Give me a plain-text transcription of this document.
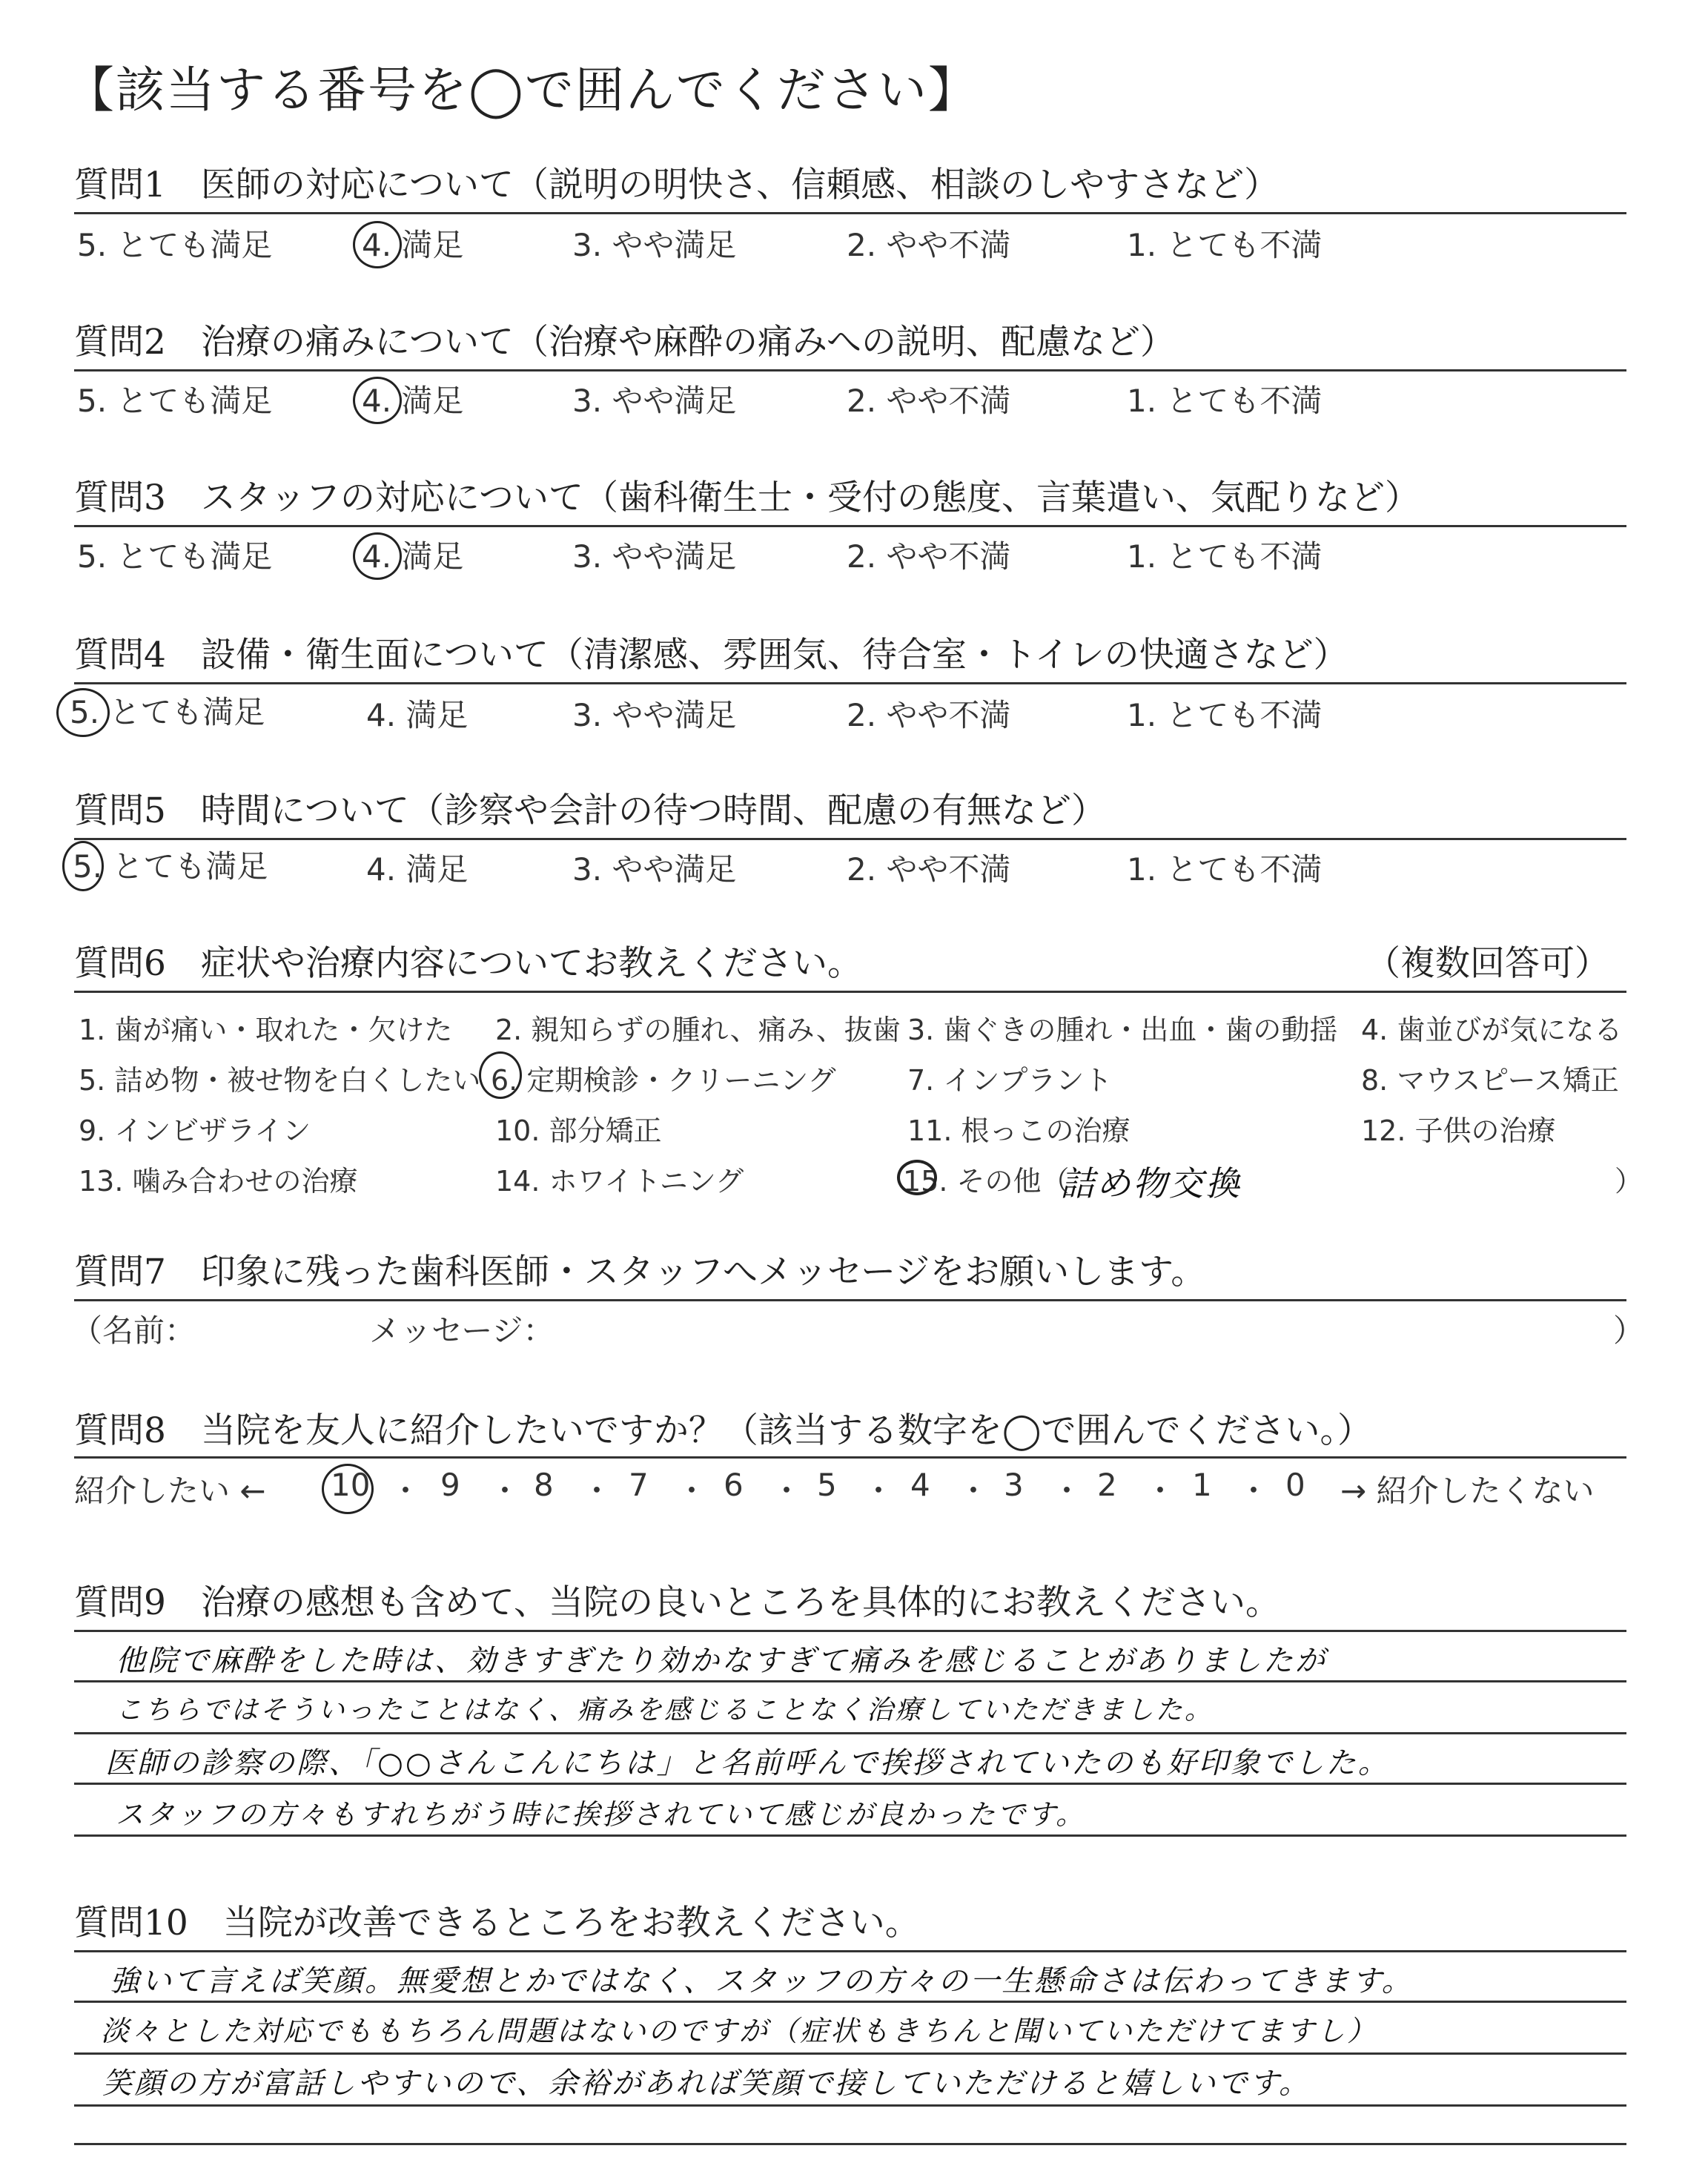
【該当する番号を◯で囲んでください】
質問1　医師の対応について（説明の明快さ、信頼感、相談のしやすさなど）
5. とても満足	4. 満足	3. やや満足	2. やや不満	1. とても不満
質問2　治療の痛みについて（治療や麻酔の痛みへの説明、配慮など）
5. とても満足	4. 満足	3. やや満足	2. やや不満	1. とても不満
質問3　スタッフの対応について（歯科衛生士・受付の態度、言葉遣い、気配りなど）
5. とても満足	4. 満足	3. やや満足	2. やや不満	1. とても不満
質問4　設備・衛生面について（清潔感、雰囲気、待合室・トイレの快適さなど）
5. とても満足	4. 満足	3. やや満足	2. やや不満	1. とても不満
質問5　時間について（診察や会計の待つ時間、配慮の有無など）
5. とても満足	4. 満足	3. やや満足	2. やや不満	1. とても不満
質問6　症状や治療内容についてお教えください。	（複数回答可）
1. 歯が痛い・取れた・欠けた 2. 親知らずの腫れ、痛み、抜歯 3. 歯ぐきの腫れ・出血・歯の動揺 4. 歯並びが気になる
5. 詰め物・被せ物を白くしたい 6. 定期検診・クリーニング	7. インプラント	8. マウスピース矯正
9. インビザライン	10. 部分矯正	11. 根っこの治療	12. 子供の治療
13. 噛み合わせの治療	14. ホワイトニング	15. その他（
詰め物交換	）
質問7　印象に残った歯科医師・スタッフへメッセージをお願いします。
（名前：	メッセージ：	）
質問8　当院を友人に紹介したいですか？（該当する数字を◯で囲んでください。）
紹介したい ← 10 ・ 9 ・ 8 ・ 7 ・ 6 ・ 5 ・ 4 ・ 3 ・ 2 ・ 1 ・ 0 → 紹介したくない
質問9　治療の感想も含めて、当院の良いところを具体的にお教えください。
他院で麻酔をした時は、効きすぎたり効かなすぎて痛みを感じることがありましたが
こちらではそういったことはなく、痛みを感じることなく治療していただきました。
医師の診察の際、「○○さんこんにちは」と名前呼んで挨拶されていたのも好印象でした。
スタッフの方々もすれちがう時に挨拶されていて感じが良かったです。
質問10　当院が改善できるところをお教えください。
強いて言えば笑顔。無愛想とかではなく、スタッフの方々の一生懸命さは伝わってきます。
淡々とした対応でももちろん問題はないのですが（症状もきちんと聞いていただけてますし）
笑顔の方が富話しやすいので、余裕があれば笑顔で接していただけると嬉しいです。
